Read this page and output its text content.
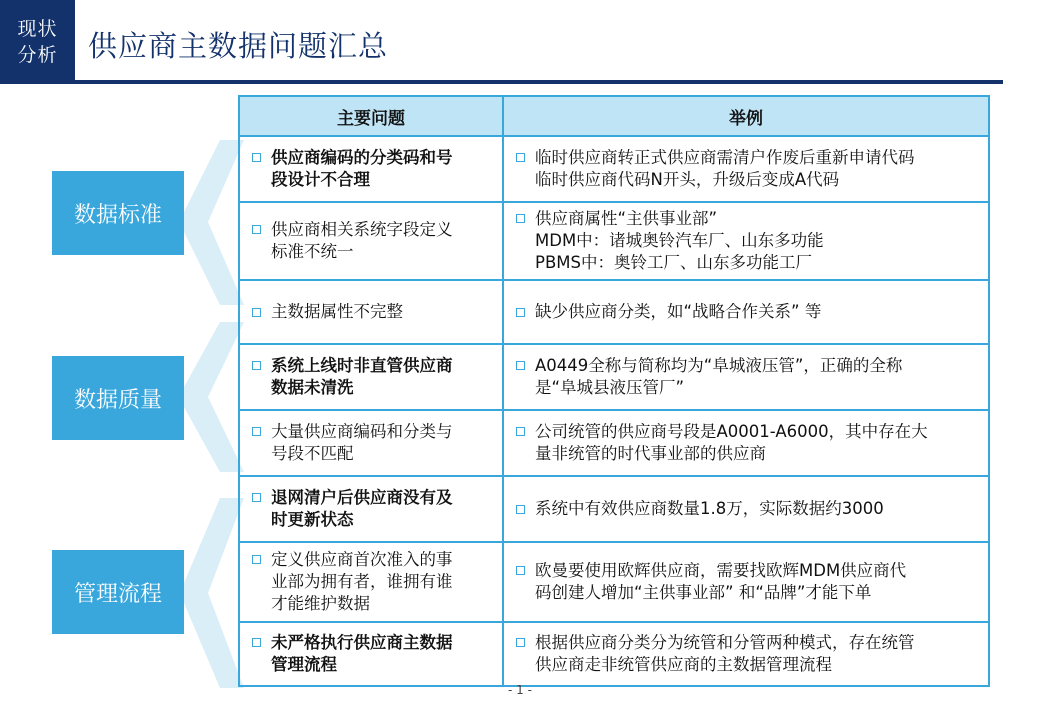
现状
分析 供应商主数据问题汇总
数据标准
数据质量
管理流程
主要问题	举例

供应商编码的分类码和号
段设计不合理	临时供应商转正式供应商需清户作废后重新申请代码
临时供应商代码N开头，升级后变成A代码

供应商相关系统字段定义
标准不统一	供应商属性“主供事业部”
MDM中：诸城奥铃汽车厂、山东多功能
PBMS中：奥铃工厂、山东多功能工厂

主数据属性不完整	缺少供应商分类，如“战略合作关系” 等

系统上线时非直管供应商
数据未清洗	A0449全称与简称均为“阜城液压管”，正确的全称
是“阜城县液压管厂”

大量供应商编码和分类与
号段不匹配	公司统管的供应商号段是A0001-A6000，其中存在大
量非统管的时代事业部的供应商

退网清户后供应商没有及
时更新状态	系统中有效供应商数量1.8万，实际数据约3000

定义供应商首次准入的事
业部为拥有者，谁拥有谁
才能维护数据	欧曼要使用欧辉供应商，需要找欧辉MDM供应商代
码创建人增加“主供事业部” 和“品牌”才能下单

未严格执行供应商主数据
管理流程	根据供应商分类分为统管和分管两种模式，存在统管
供应商走非统管供应商的主数据管理流程
- 1 -
